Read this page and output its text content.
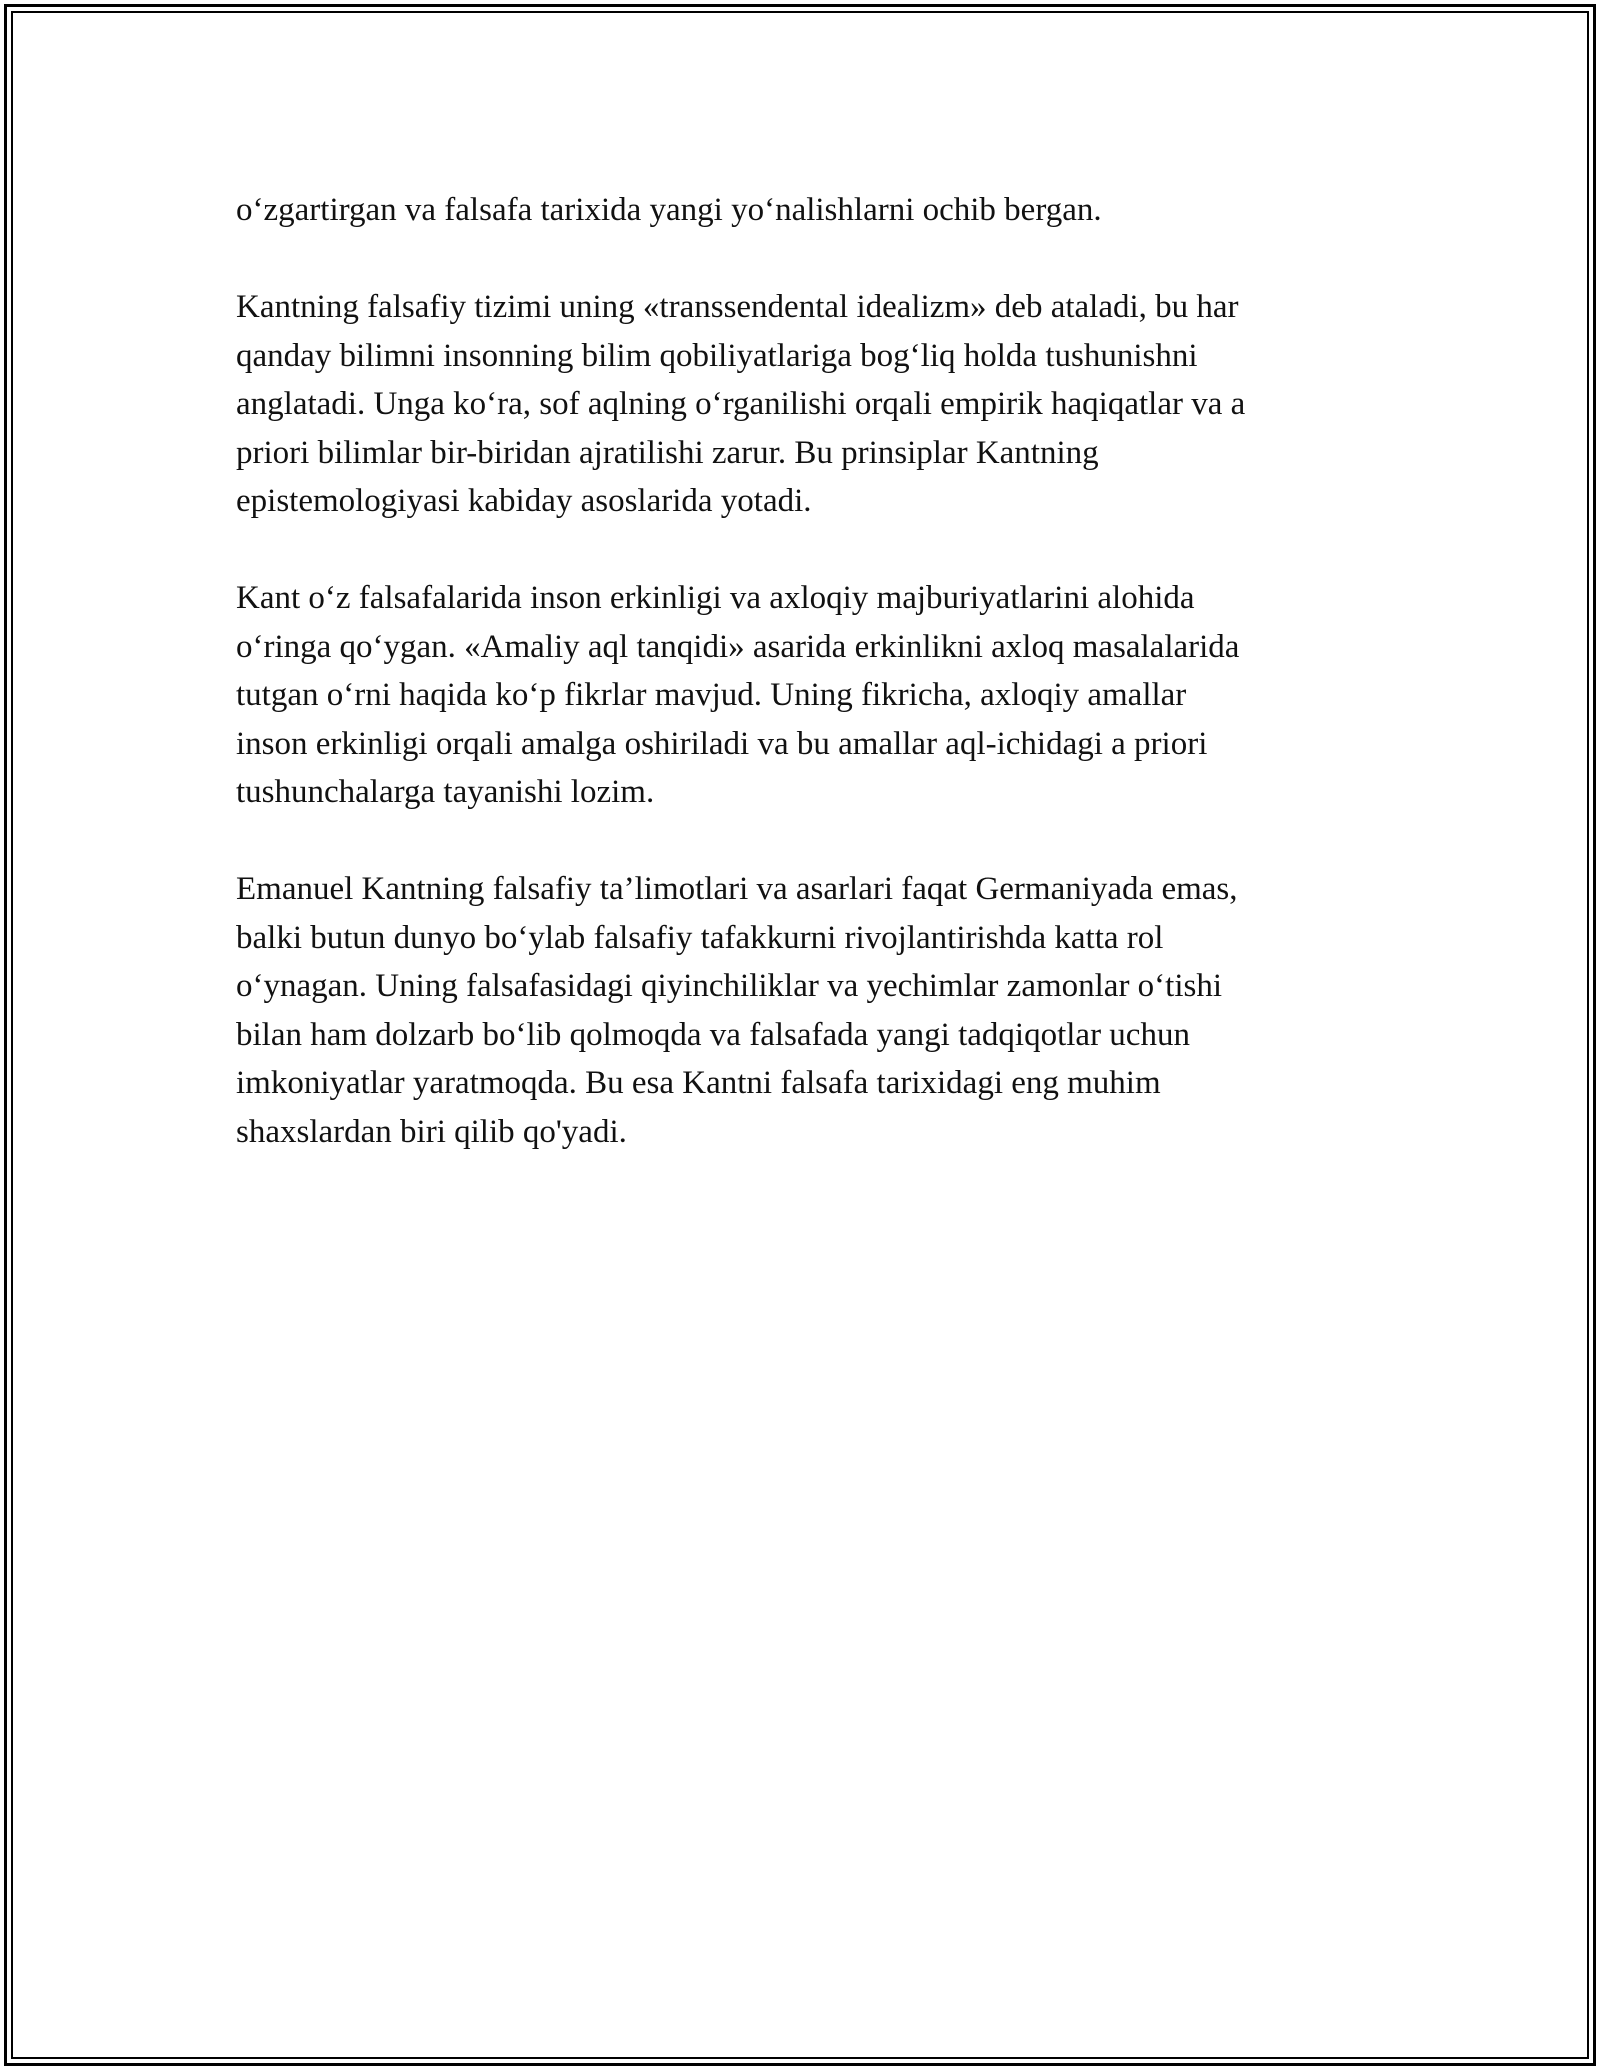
o‘zgartirgan va falsafa tarixida yangi yo‘nalishlarni ochib bergan.

Kantning falsafiy tizimi uning «transsendental idealizm» deb ataladi, bu har
qanday bilimni insonning bilim qobiliyatlariga bog‘liq holda tushunishni
anglatadi. Unga ko‘ra, sof aqlning o‘rganilishi orqali empirik haqiqatlar va a
priori bilimlar bir-biridan ajratilishi zarur. Bu prinsiplar Kantning
epistemologiyasi kabiday asoslarida yotadi.

Kant o‘z falsafalarida inson erkinligi va axloqiy majburiyatlarini alohida
o‘ringa qo‘ygan. «Amaliy aql tanqidi» asarida erkinlikni axloq masalalarida
tutgan o‘rni haqida ko‘p fikrlar mavjud. Uning fikricha, axloqiy amallar
inson erkinligi orqali amalga oshiriladi va bu amallar aql-ichidagi a priori
tushunchalarga tayanishi lozim.

Emanuel Kantning falsafiy ta’limotlari va asarlari faqat Germaniyada emas,
balki butun dunyo bo‘ylab falsafiy tafakkurni rivojlantirishda katta rol
o‘ynagan. Uning falsafasidagi qiyinchiliklar va yechimlar zamonlar o‘tishi
bilan ham dolzarb bo‘lib qolmoqda va falsafada yangi tadqiqotlar uchun
imkoniyatlar yaratmoqda. Bu esa Kantni falsafa tarixidagi eng muhim
shaxslardan biri qilib qo'yadi.
